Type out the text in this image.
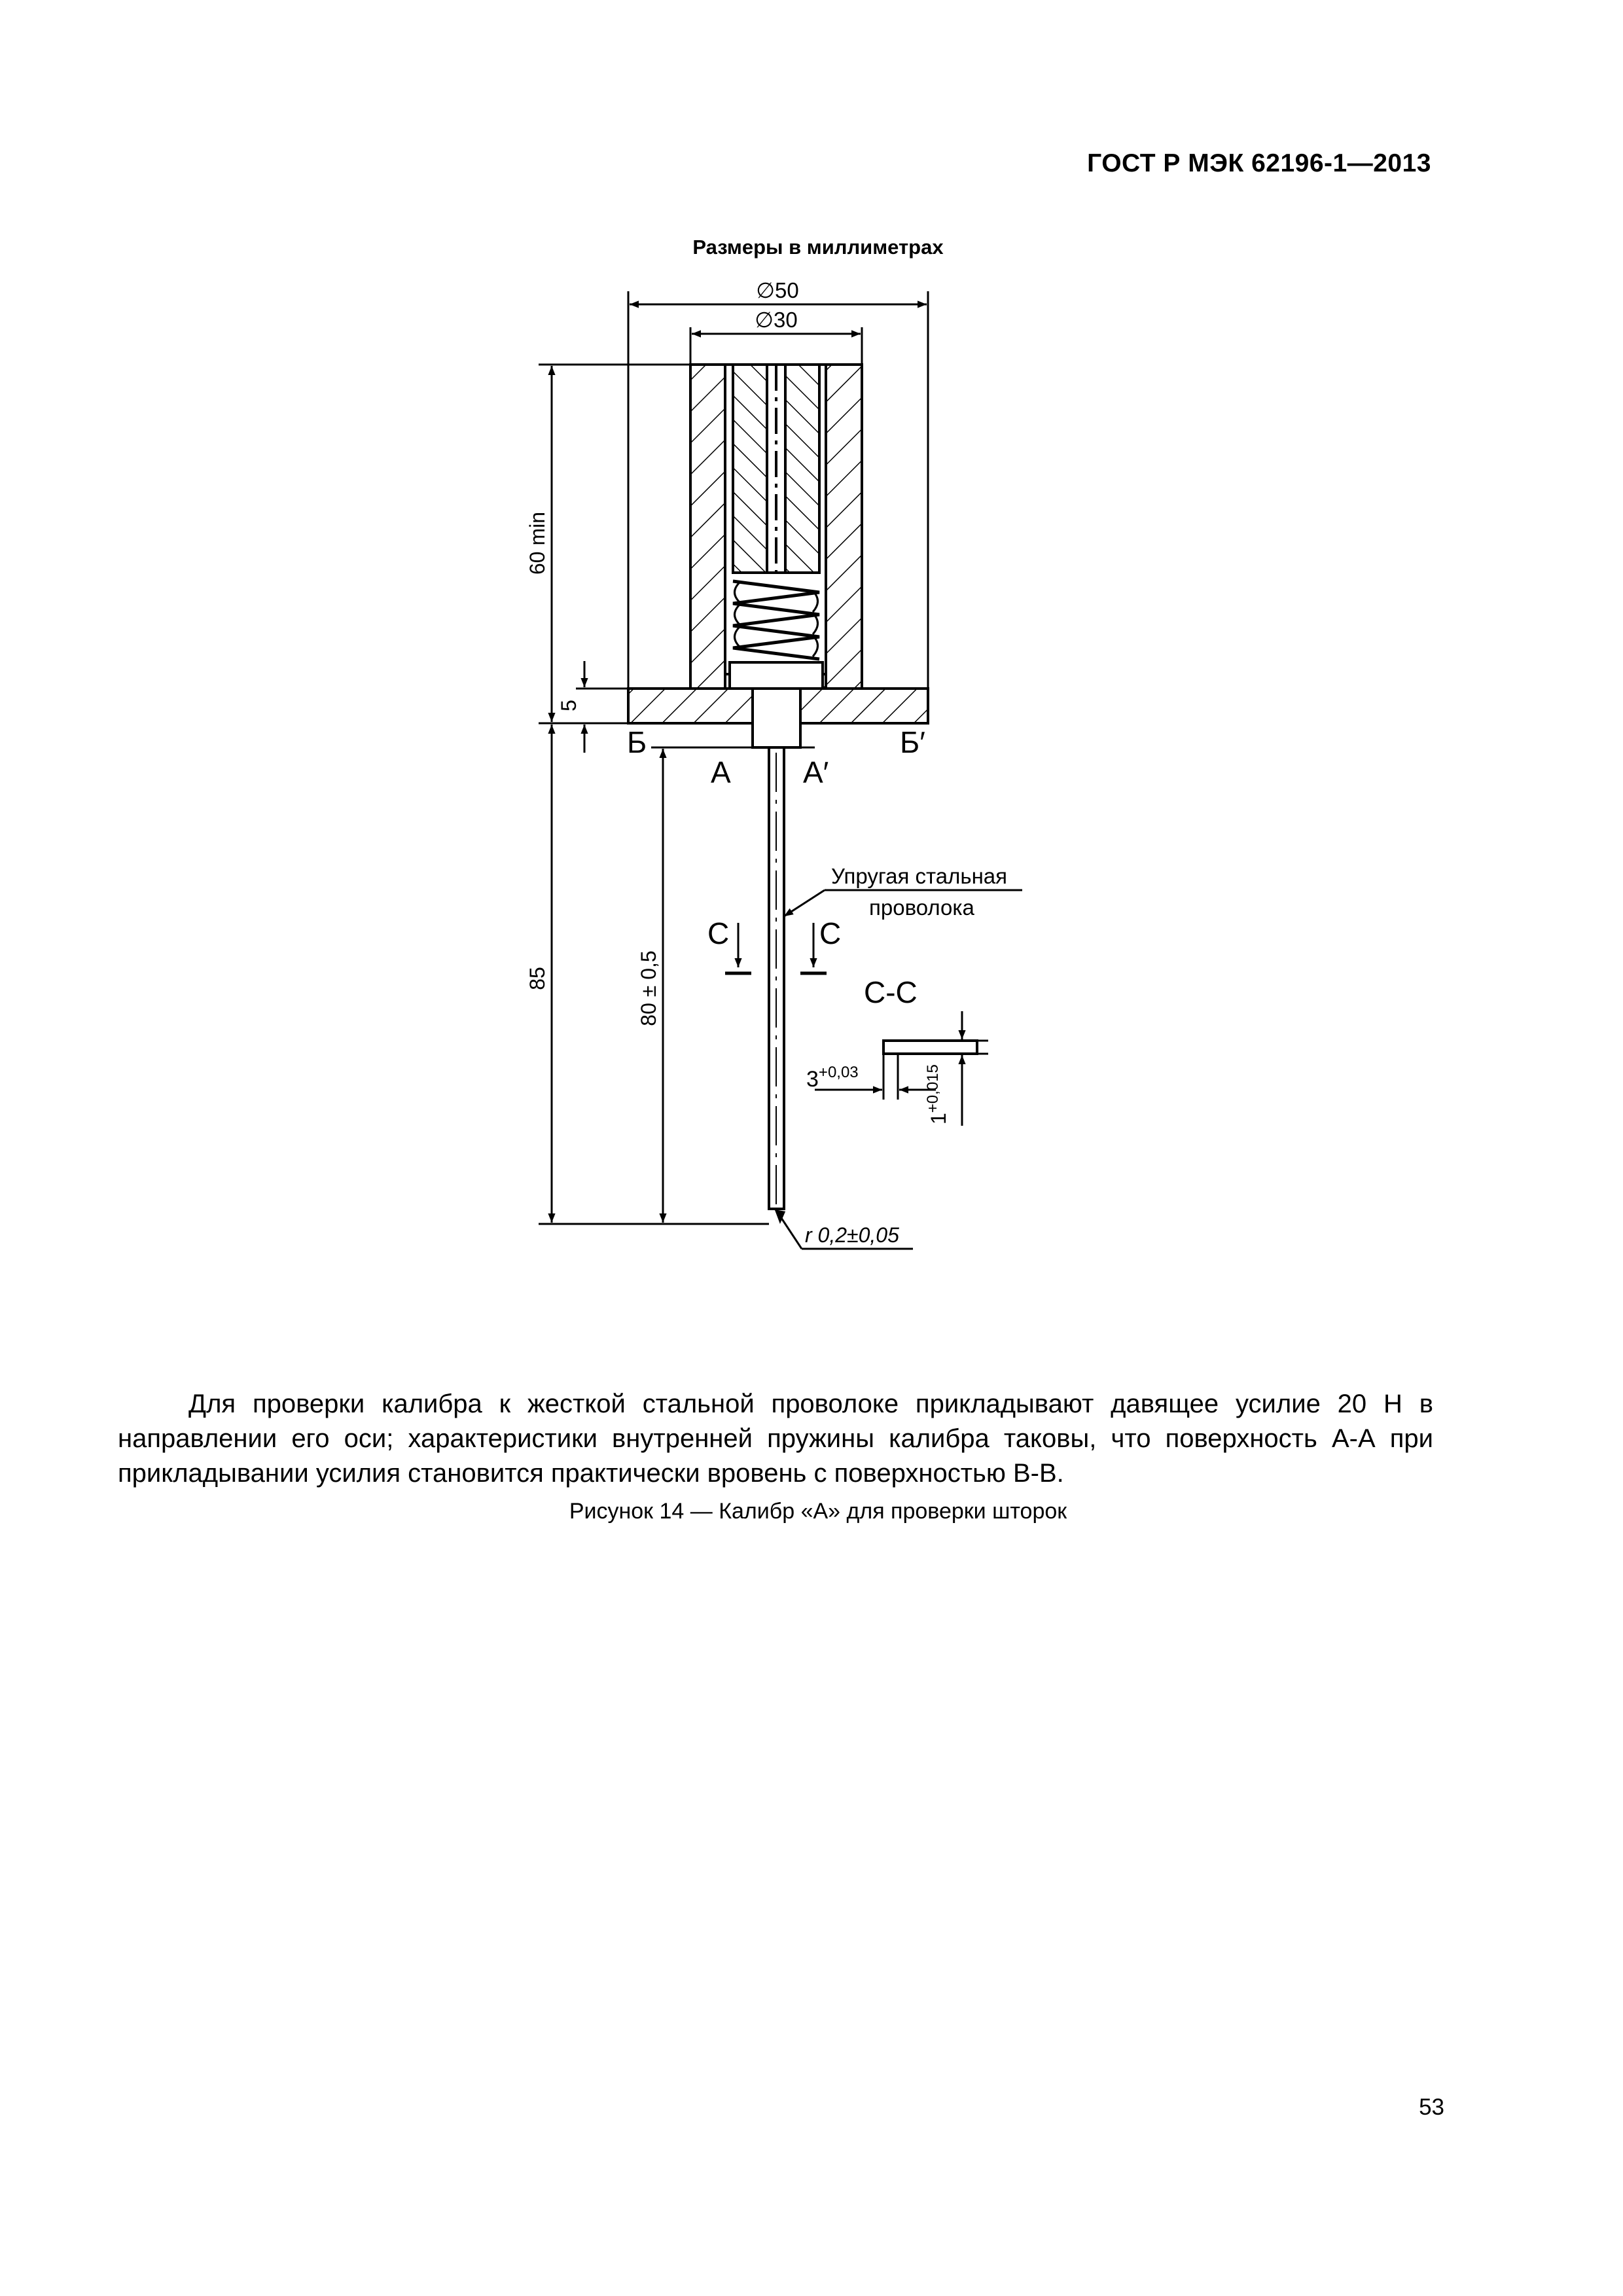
ГОСТ Р МЭК 62196-1—2013
Размеры в миллиметрах
∅50
∅30
60 min
5
85	80 ± 0,5
Б	Б′
А А′
Упругая стальная
проволока
С	С
С-С
$3^{+0,03}$
$1^{+0,015}$
r 0,2±0,05

Для проверки калибра к жесткой стальной проволоке прикладывают давящее усилие 20 Н в направлении его оси; характеристики внутренней пружины калибра таковы, что поверхность А-А при прикладывании усилия становится практически вровень с поверхностью В-В.

Рисунок 14 — Калибр «А» для проверки шторок
53
